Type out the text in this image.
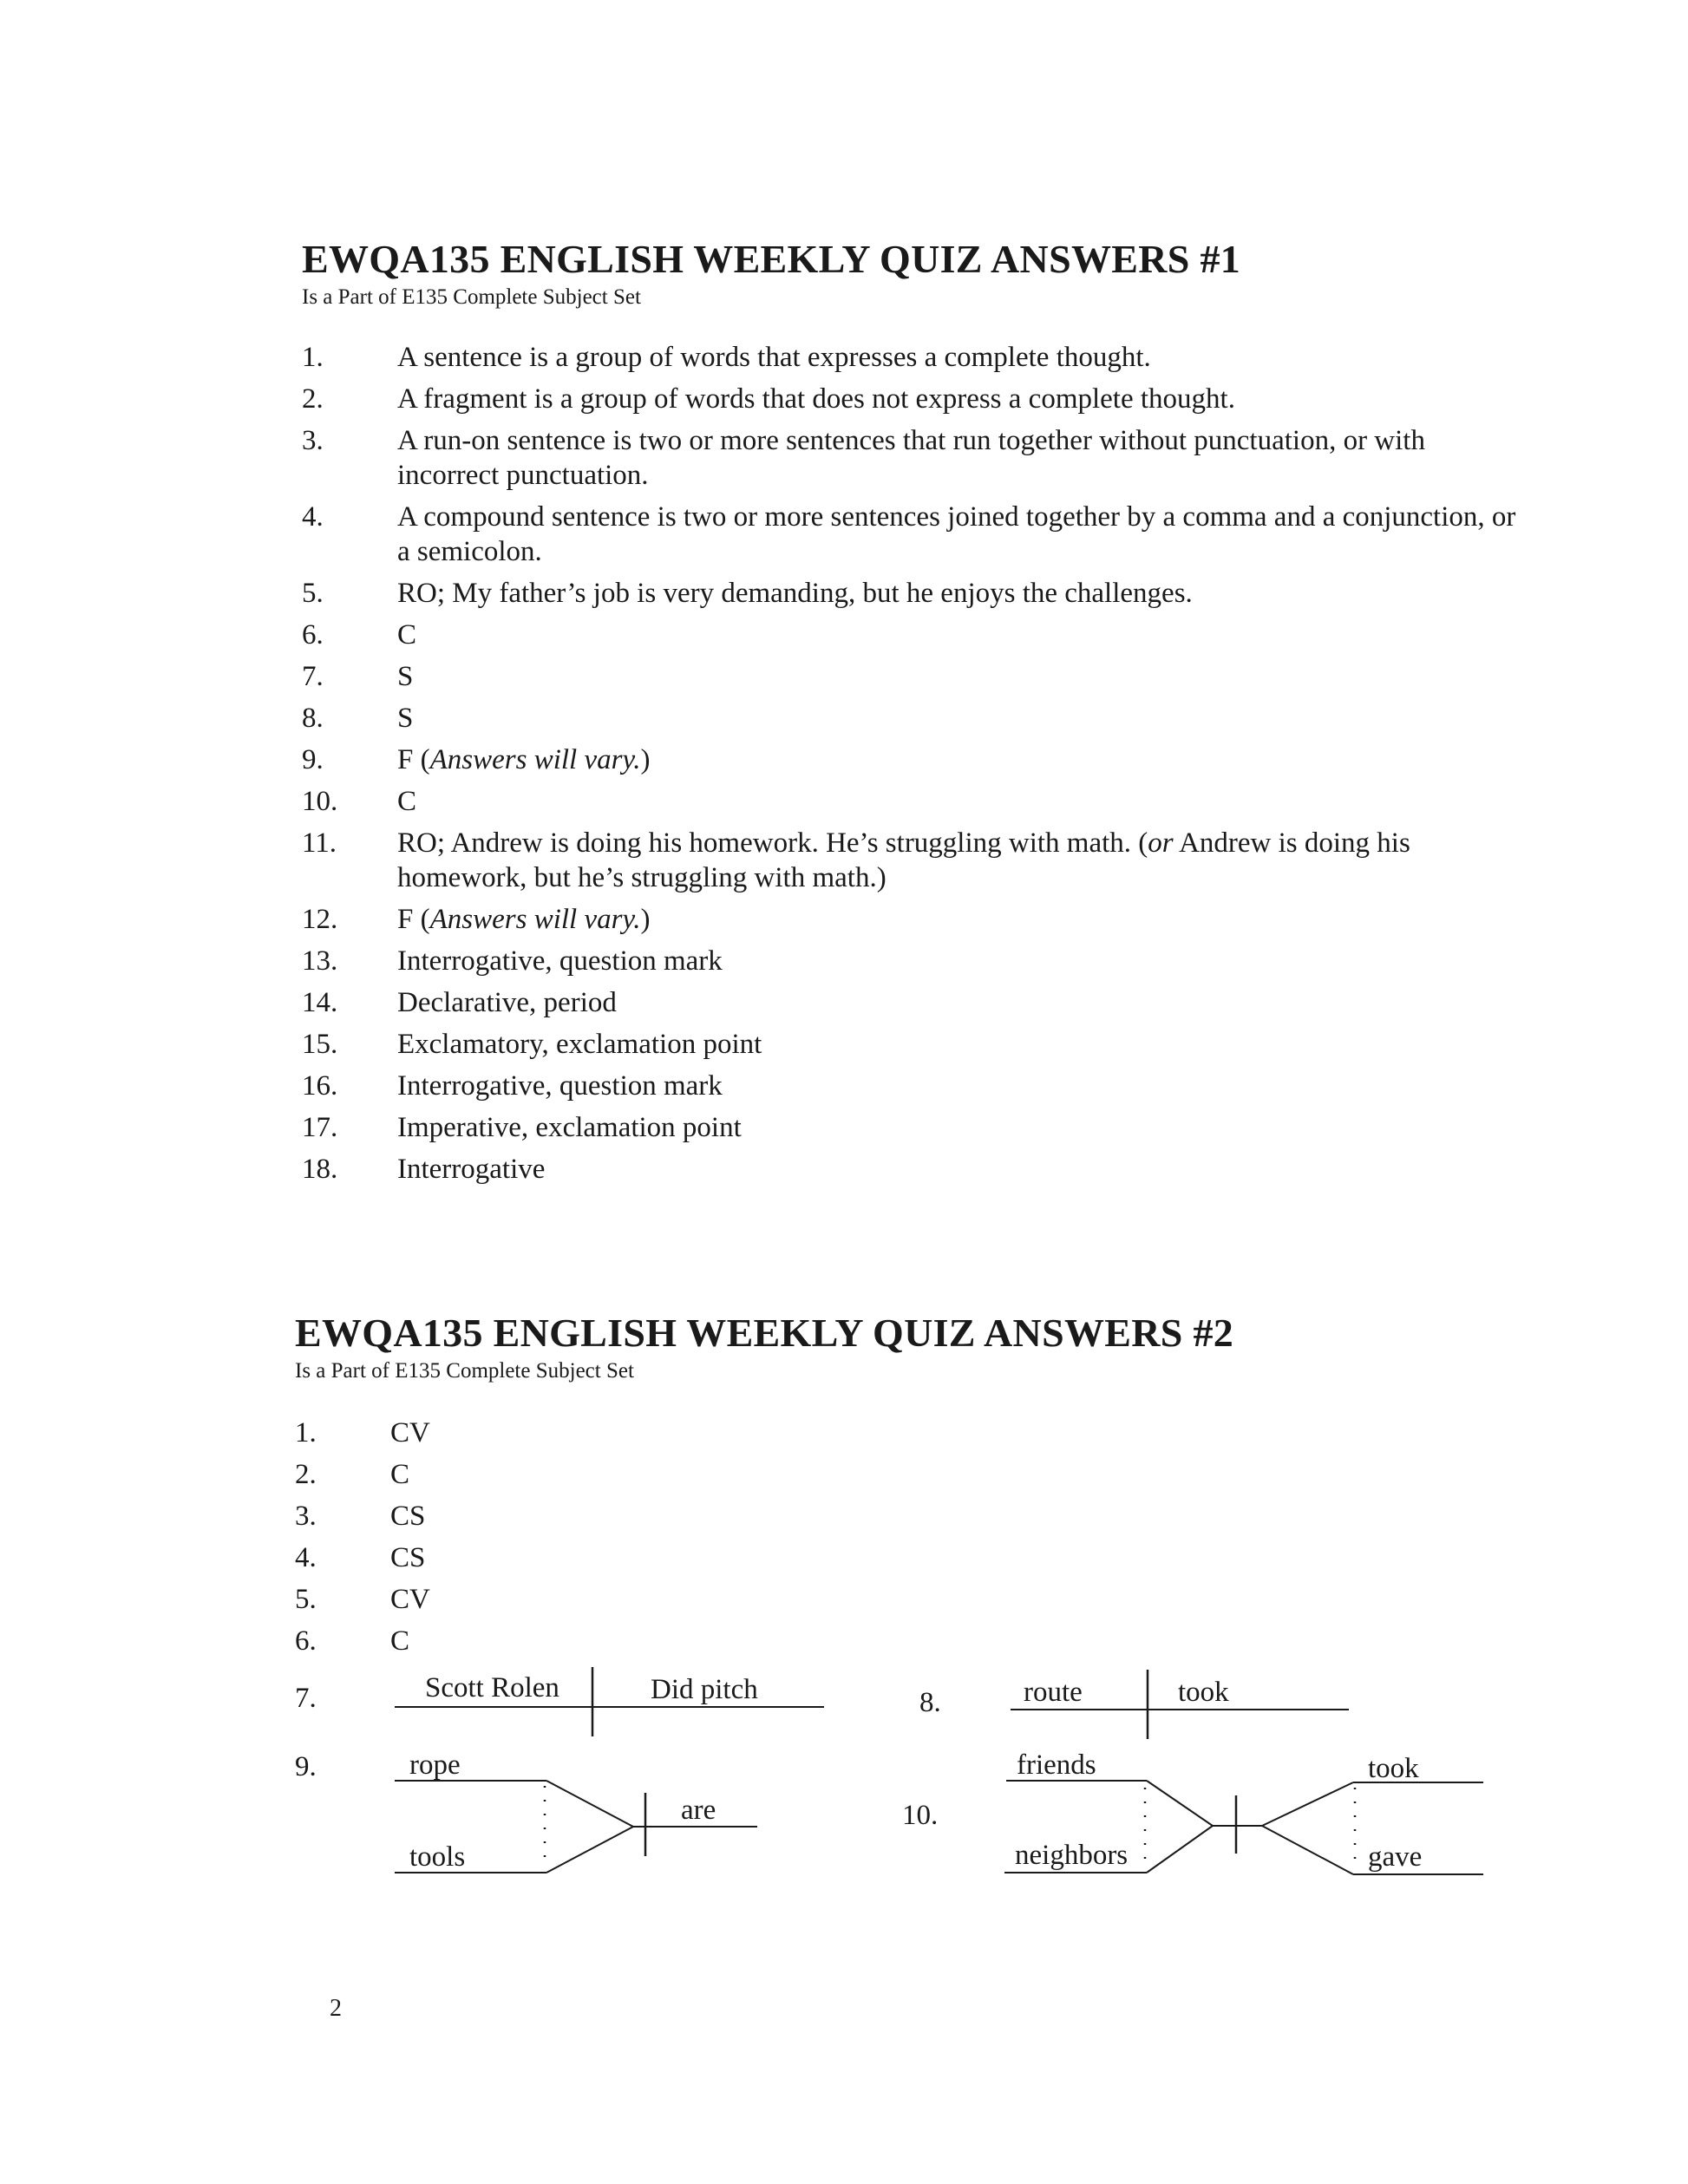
EWQA135 ENGLISH WEEKLY QUIZ ANSWERS #1
Is a Part of E135 Complete Subject Set
1.	A sentence is a group of words that expresses a complete thought.
2.	A fragment is a group of words that does not express a complete thought.
3.	A run-on sentence is two or more sentences that run together without punctuation, or with incorrect punctuation.
4.	A compound sentence is two or more sentences joined together by a comma and a conjunction, or a semicolon.
5.	RO; My father’s job is very demanding, but he enjoys the challenges.
6.	C
7.	S
8.	S
9.	F (Answers will vary.)
10. C
11. RO; Andrew is doing his homework. He’s struggling with math. (or Andrew is doing his homework, but he’s struggling with math.)
12. F (Answers will vary.)
13. Interrogative, question mark
14. Declarative, period
15. Exclamatory, exclamation point
16. Interrogative, question mark
17. Imperative, exclamation point
18. Interrogative
EWQA135 ENGLISH WEEKLY QUIZ ANSWERS #2
Is a Part of E135 Complete Subject Set
1.	CV
2.	C
3.	CS
4.	CS
5.	CV
6.	C
7.	Scott Rolen	Did pitch	8.	route	took
9.	rope
tools
are	10.
friends
neighbors
took
gave
2
